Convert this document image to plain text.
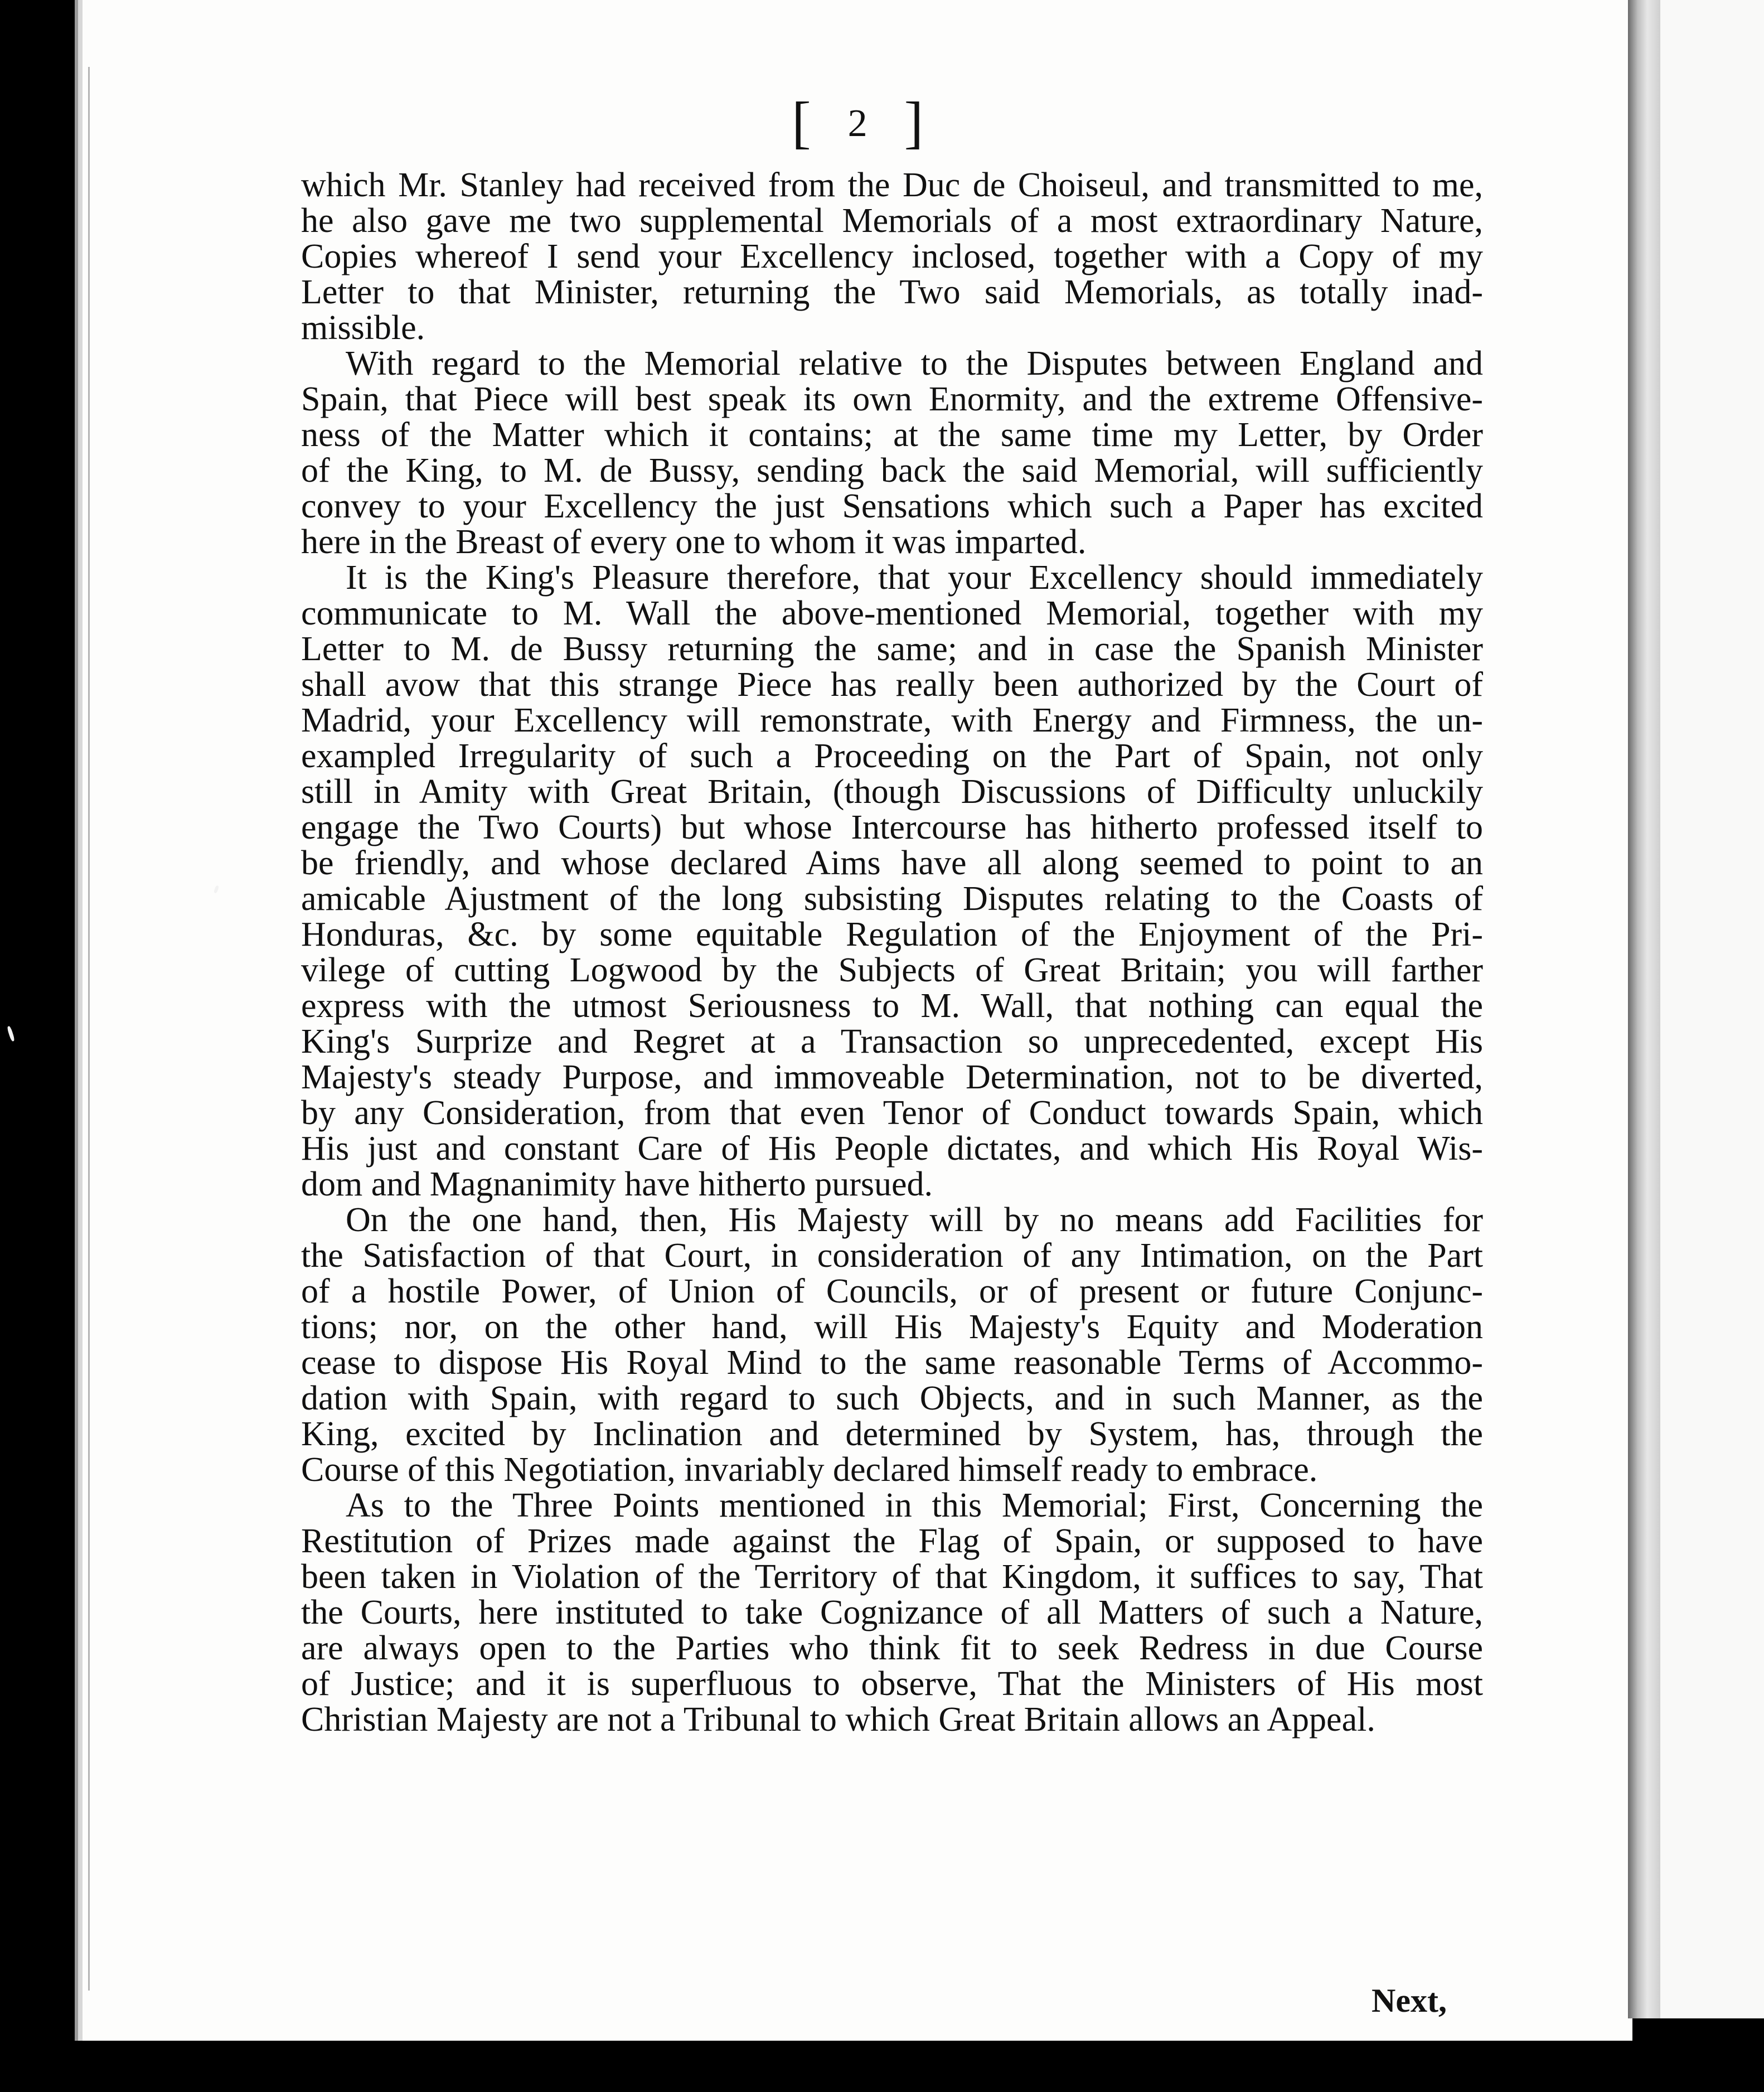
[ 2 ]

which Mr. Stanley had received from the Duc de Choiseul, and transmitted to me,

he also gave me two supplemental Memorials of a most extraordinary Nature,

Copies whereof I send your Excellency inclosed, together with a Copy of my

Letter to that Minister, returning the Two said Memorials, as totally inad-

missible.

With regard to the Memorial relative to the Disputes between England and

Spain, that Piece will best speak its own Enormity, and the extreme Offensive-

ness of the Matter which it contains; at the same time my Letter, by Order

of the King, to M. de Bussy, sending back the said Memorial, will sufficiently

convey to your Excellency the just Sensations which such a Paper has excited

here in the Breast of every one to whom it was imparted.

It is the King's Pleasure therefore, that your Excellency should immediately

communicate to M. Wall the above-mentioned Memorial, together with my

Letter to M. de Bussy returning the same; and in case the Spanish Minister

shall avow that this strange Piece has really been authorized by the Court of

Madrid, your Excellency will remonstrate, with Energy and Firmness, the un-

exampled Irregularity of such a Proceeding on the Part of Spain, not only

still in Amity with Great Britain, (though Discussions of Difficulty unluckily

engage the Two Courts) but whose Intercourse has hitherto professed itself to

be friendly, and whose declared Aims have all along seemed to point to an

amicable Ajustment of the long subsisting Disputes relating to the Coasts of

Honduras, &c. by some equitable Regulation of the Enjoyment of the Pri-

vilege of cutting Logwood by the Subjects of Great Britain; you will farther

express with the utmost Seriousness to M. Wall, that nothing can equal the

King's Surprize and Regret at a Transaction so unprecedented, except His

Majesty's steady Purpose, and immoveable Determination, not to be diverted,

by any Consideration, from that even Tenor of Conduct towards Spain, which

His just and constant Care of His People dictates, and which His Royal Wis-

dom and Magnanimity have hitherto pursued.

On the one hand, then, His Majesty will by no means add Facilities for

the Satisfaction of that Court, in consideration of any Intimation, on the Part

of a hostile Power, of Union of Councils, or of present or future Conjunc-

tions; nor, on the other hand, will His Majesty's Equity and Moderation

cease to dispose His Royal Mind to the same reasonable Terms of Accommo-

dation with Spain, with regard to such Objects, and in such Manner, as the

King, excited by Inclination and determined by System, has, through the

Course of this Negotiation, invariably declared himself ready to embrace.

As to the Three Points mentioned in this Memorial; First, Concerning the

Restitution of Prizes made against the Flag of Spain, or supposed to have

been taken in Violation of the Territory of that Kingdom, it suffices to say, That

the Courts, here instituted to take Cognizance of all Matters of such a Nature,

are always open to the Parties who think fit to seek Redress in due Course

of Justice; and it is superfluous to observe, That the Ministers of His most

Christian Majesty are not a Tribunal to which Great Britain allows an Appeal.

Next,
